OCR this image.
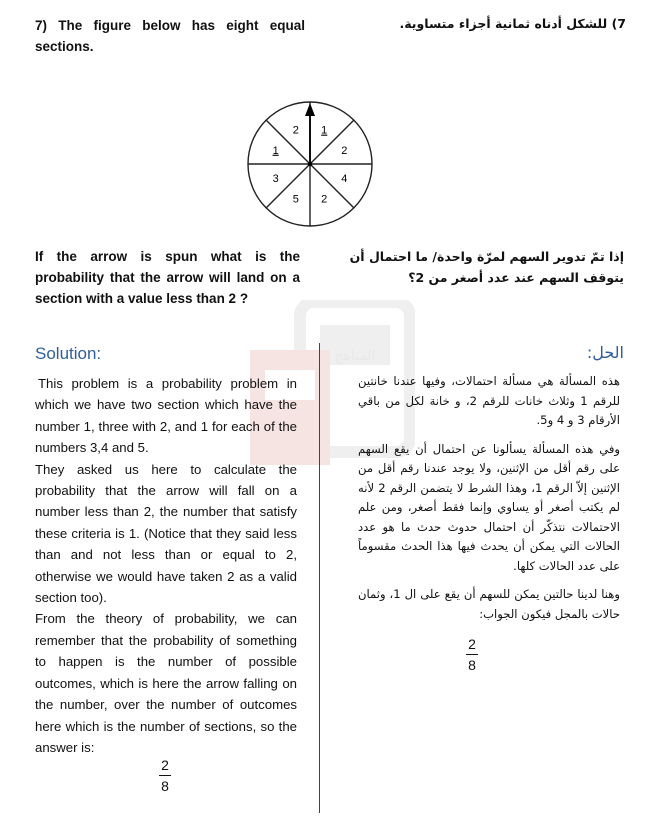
7) The figure below has eight equal sections.
7) للشكل أدناه ثمانية أجزاء متساوية.
1
2
4
2
5
3
1
2
If the arrow is spun what is the probability that the arrow will land on a section with a value less than 2 ?
إذا تمّ تدوير السهم لمرّة واحدة/ ما احتمال أن يتوقف السهم عند عدد أصغر من 2؟
المناهج
Solution:	الحل:

This problem is a probability problem in which we have two section which have the number 1, three with 2, and 1 for each of the numbers 3,4 and 5.

They asked us here to calculate the probability that the arrow will fall on a number less than 2, the number that satisfy these criteria is 1. (Notice that they said less than and not less than or equal to 2, otherwise we would have taken 2 as a valid section too).

From the theory of probability, we can remember that the probability of something to happen is the number of possible outcomes, which is here the arrow falling on the number, over the number of outcomes here which is the number of sections, so the answer is:

2
8

هذه المسألة هي مسألة احتمالات، وفيها عندنا خانتين للرقم 1 وثلاث خانات للرقم 2، و خانة لكل من باقي الأرقام 3 و 4 و5.

وفي هذه المسألة يسألونا عن احتمال أن يقع السهم على رقم أقل من الإثنين، ولا يوجد عندنا رقم أقل من الإثنين إلاّ الرقم 1، وهذا الشرط لا يتضمن الرقم 2 لأنه لم يكتب أصغر أو يساوي وإنما فقط أصغر، ومن علم الاحتمالات نتذكّر أن احتمال حدوث حدث ما هو عدد الحالات التي يمكن أن يحدث فيها هذا الحدث مقسوماً على عدد الحالات كلها.

وهنا لدينا حالتين يمكن للسهم أن يقع على ال 1، وثمان حالات بالمجل فيكون الجواب:

2
8
